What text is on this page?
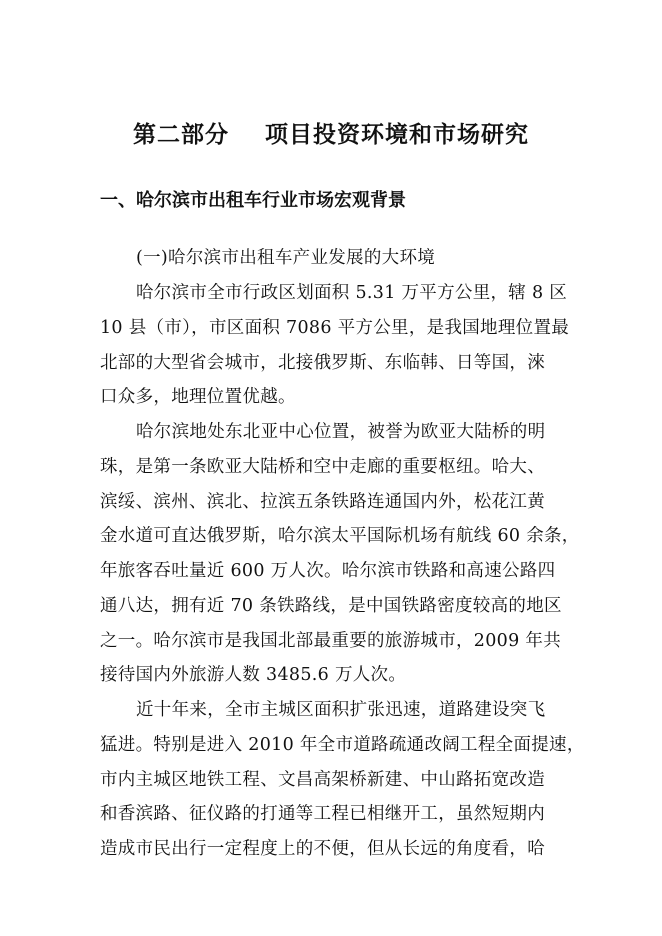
第二部分    项目投资环境和市场研究
一、哈尔滨市出租车行业市场宏观背景
(一)哈尔滨市出租车产业发展的大环境
哈尔滨市全市行政区划面积 5.31 万平方公里，辖 8 区
10 县（市），市区面积 7086 平方公里，是我国地理位置最
北部的大型省会城市，北接俄罗斯、东临韩、日等国，淶
口众多，地理位置优越。
哈尔滨地处东北亚中心位置，被誉为欧亚大陆桥的明
珠，是第一条欧亚大陆桥和空中走廊的重要枢纽。哈大、
滨绥、滨州、滨北、拉滨五条铁路连通国内外，松花江黄
金水道可直达俄罗斯，哈尔滨太平国际机场有航线 60 余条，
年旅客吞吐量近 600 万人次。哈尔滨市铁路和高速公路四
通八达，拥有近 70 条铁路线，是中国铁路密度较高的地区
之一。哈尔滨市是我国北部最重要的旅游城市，2009 年共
接待国内外旅游人数 3485.6 万人次。
近十年来，全市主城区面积扩张迅速，道路建设突飞
猛进。特别是进入 2010 年全市道路疏通改阔工程全面提速，
市内主城区地铁工程、文昌高架桥新建、中山路拓宽改造
和香滨路、征仪路的打通等工程已相继开工，虽然短期内
造成市民出行一定程度上的不便，但从长远的角度看，哈
